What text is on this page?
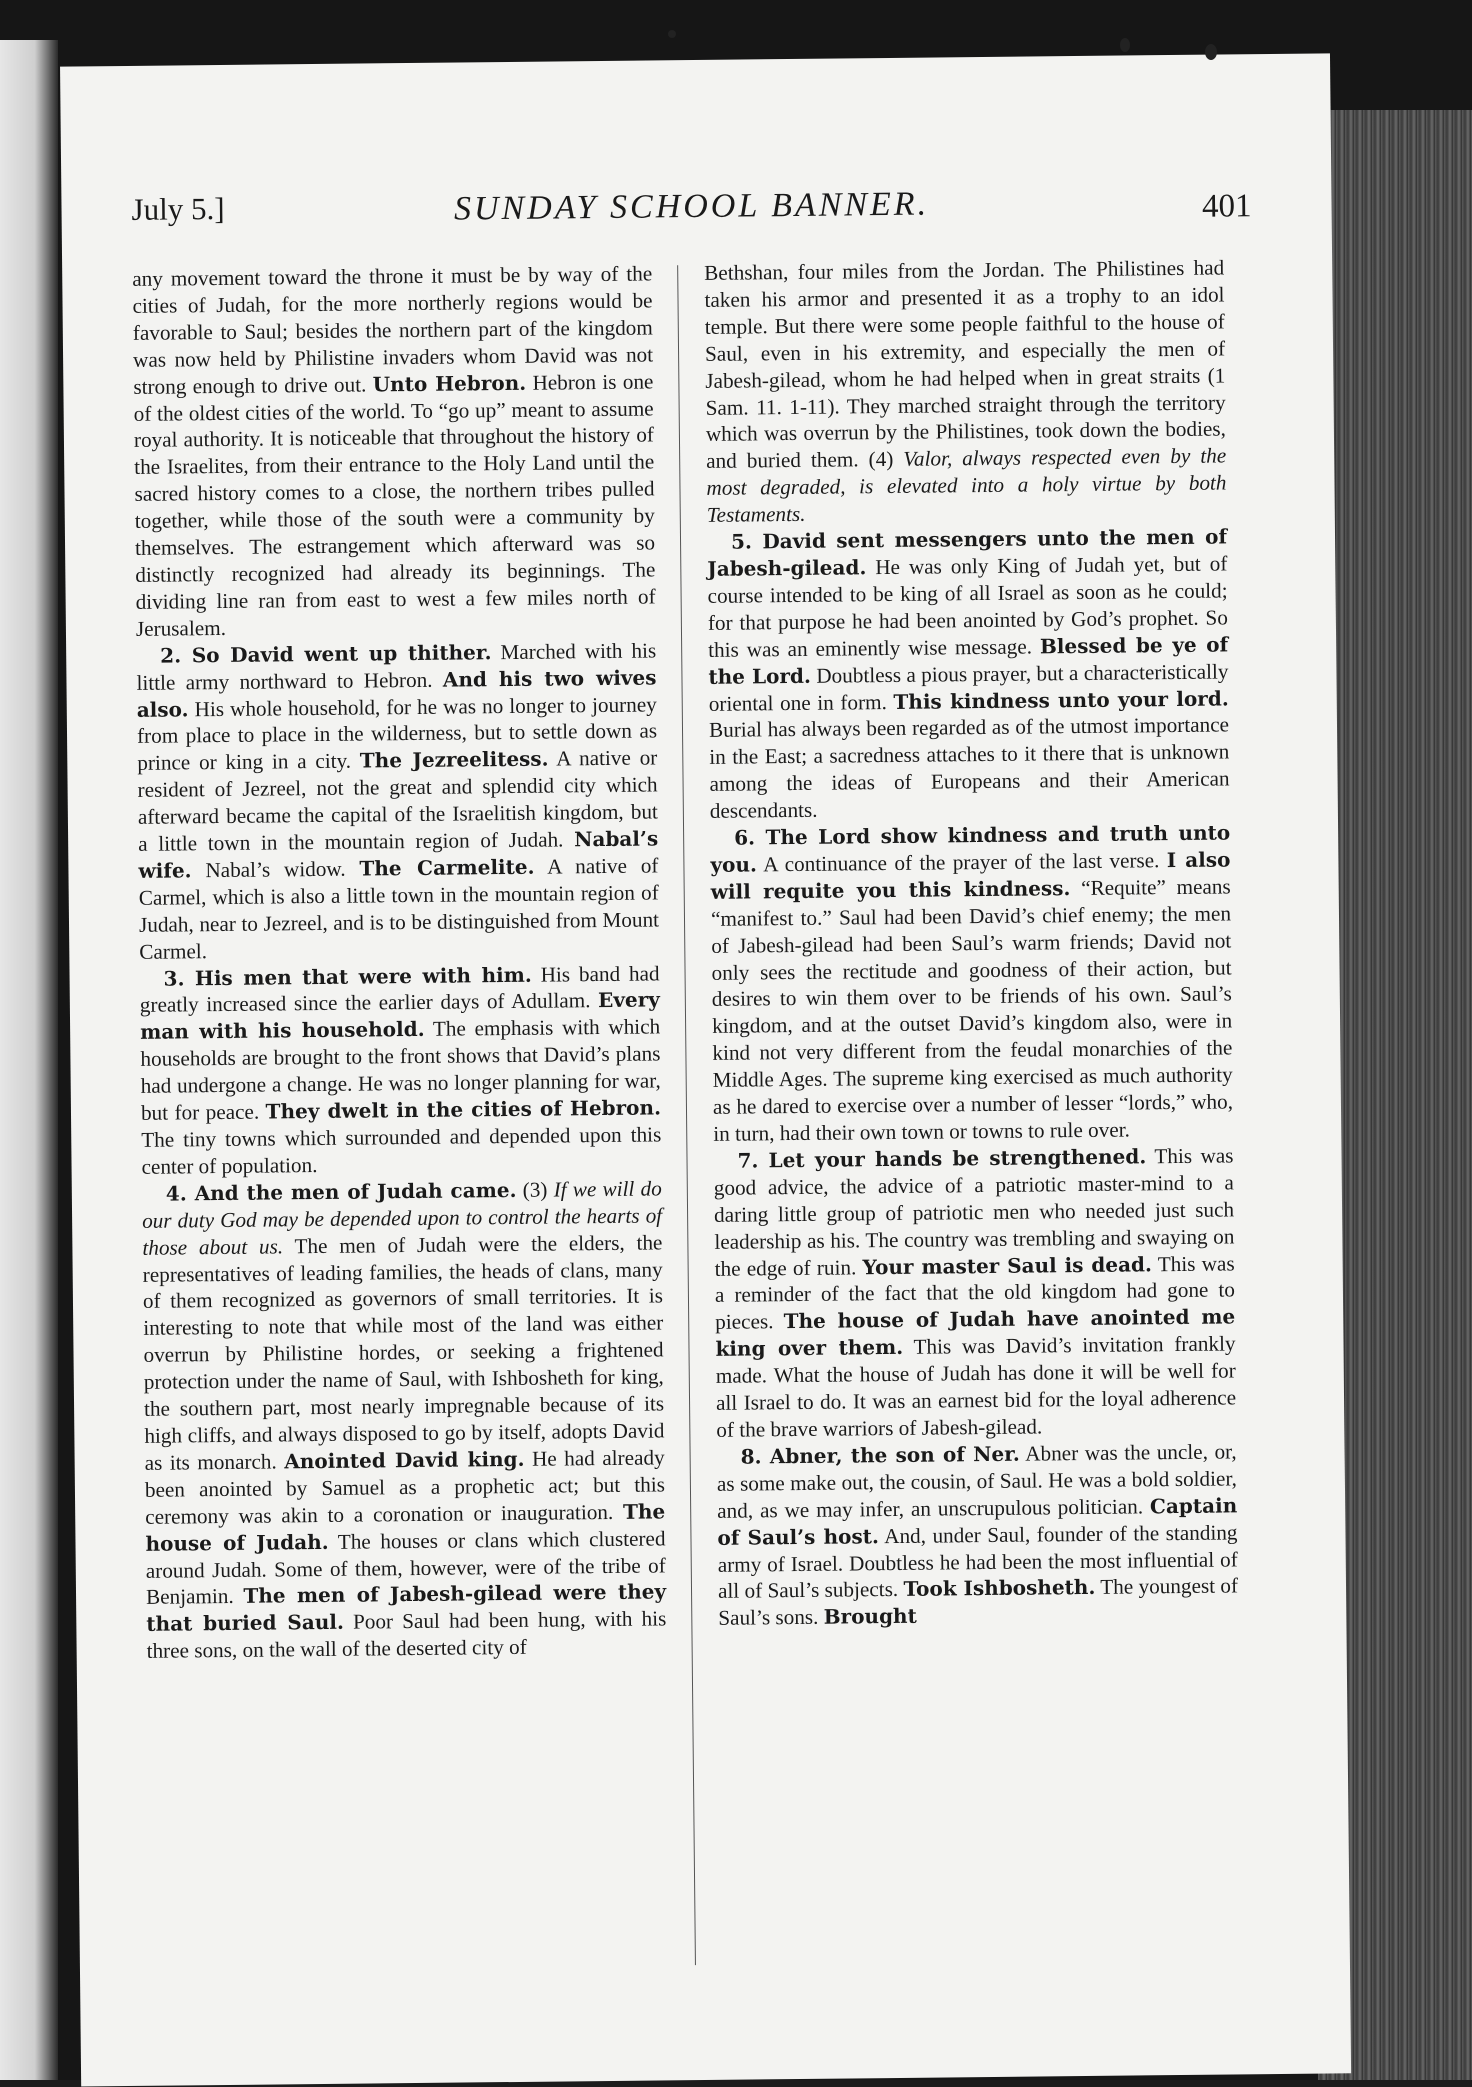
July 5.]	SUNDAY SCHOOL BANNER.	401

any movement toward the throne it must be by way of the cities of Judah, for the more northerly regions would be favorable to Saul; besides the northern part of the kingdom was now held by Philistine invaders whom David was not strong enough to drive out. Unto Hebron. Hebron is one of the oldest cities of the world. To “go up” meant to assume royal authority. It is noticeable that throughout the history of the Israelites, from their entrance to the Holy Land until the sacred history comes to a close, the northern tribes pulled together, while those of the south were a community by themselves. The estrangement which afterward was so distinctly recognized had already its beginnings. The dividing line ran from east to west a few miles north of Jerusalem.

2. So David went up thither. Marched with his little army northward to Hebron. And his two wives also. His whole household, for he was no longer to journey from place to place in the wilderness, but to settle down as prince or king in a city. The Jezreelitess. A native or resident of Jezreel, not the great and splendid city which afterward became the capital of the Israelitish kingdom, but a little town in the mountain region of Judah. Nabal’s wife. Nabal’s widow. The Carmelite. A native of Carmel, which is also a little town in the mountain region of Judah, near to Jezreel, and is to be distinguished from Mount Carmel.

3. His men that were with him. His band had greatly increased since the earlier days of Adullam. Every man with his household. The emphasis with which households are brought to the front shows that David’s plans had undergone a change. He was no longer planning for war, but for peace. They dwelt in the cities of Hebron. The tiny towns which surrounded and depended upon this center of population.

4. And the men of Judah came. (3) If we will do our duty God may be depended upon to control the hearts of those about us. The men of Judah were the elders, the representatives of leading families, the heads of clans, many of them recognized as governors of small territories. It is interesting to note that while most of the land was either overrun by Philistine hordes, or seeking a frightened protection under the name of Saul, with Ishbosheth for king, the southern part, most nearly impregnable because of its high cliffs, and always disposed to go by itself, adopts David as its monarch. Anointed David king. He had already been anointed by Samuel as a prophetic act; but this ceremony was akin to a coronation or inauguration. The house of Judah. The houses or clans which clustered around Judah. Some of them, however, were of the tribe of Benjamin. The men of Jabesh-gilead were they that buried Saul. Poor Saul had been hung, with his three sons, on the wall of the deserted city of

Bethshan, four miles from the Jordan. The Philistines had taken his armor and presented it as a trophy to an idol temple. But there were some people faithful to the house of Saul, even in his extremity, and especially the men of Jabesh-gilead, whom he had helped when in great straits (1 Sam. 11. 1-11). They marched straight through the territory which was overrun by the Philistines, took down the bodies, and buried them. (4) Valor, always respected even by the most degraded, is elevated into a holy virtue by both Testaments.

5. David sent messengers unto the men of Jabesh-gilead. He was only King of Judah yet, but of course intended to be king of all Israel as soon as he could; for that purpose he had been anointed by God’s prophet. So this was an eminently wise message. Blessed be ye of the Lord. Doubtless a pious prayer, but a characteristically oriental one in form. This kindness unto your lord. Burial has always been regarded as of the utmost importance in the East; a sacredness attaches to it there that is unknown among the ideas of Europeans and their American descendants.

6. The Lord show kindness and truth unto you. A continuance of the prayer of the last verse. I also will requite you this kindness. “Requite” means “manifest to.” Saul had been David’s chief enemy; the men of Jabesh-gilead had been Saul’s warm friends; David not only sees the rectitude and goodness of their action, but desires to win them over to be friends of his own. Saul’s kingdom, and at the outset David’s kingdom also, were in kind not very different from the feudal monarchies of the Middle Ages. The supreme king exercised as much authority as he dared to exercise over a number of lesser “lords,” who, in turn, had their own town or towns to rule over.

7. Let your hands be strengthened. This was good advice, the advice of a patriotic master-mind to a daring little group of patriotic men who needed just such leadership as his. The country was trembling and swaying on the edge of ruin. Your master Saul is dead. This was a reminder of the fact that the old kingdom had gone to pieces. The house of Judah have anointed me king over them. This was David’s invitation frankly made. What the house of Judah has done it will be well for all Israel to do. It was an earnest bid for the loyal adherence of the brave warriors of Jabesh-gilead.

8. Abner, the son of Ner. Abner was the uncle, or, as some make out, the cousin, of Saul. He was a bold soldier, and, as we may infer, an unscrupulous politician. Captain of Saul’s host. And, under Saul, founder of the standing army of Israel. Doubtless he had been the most influential of all of Saul’s subjects. Took Ishbosheth. The youngest of Saul’s sons. Brought
